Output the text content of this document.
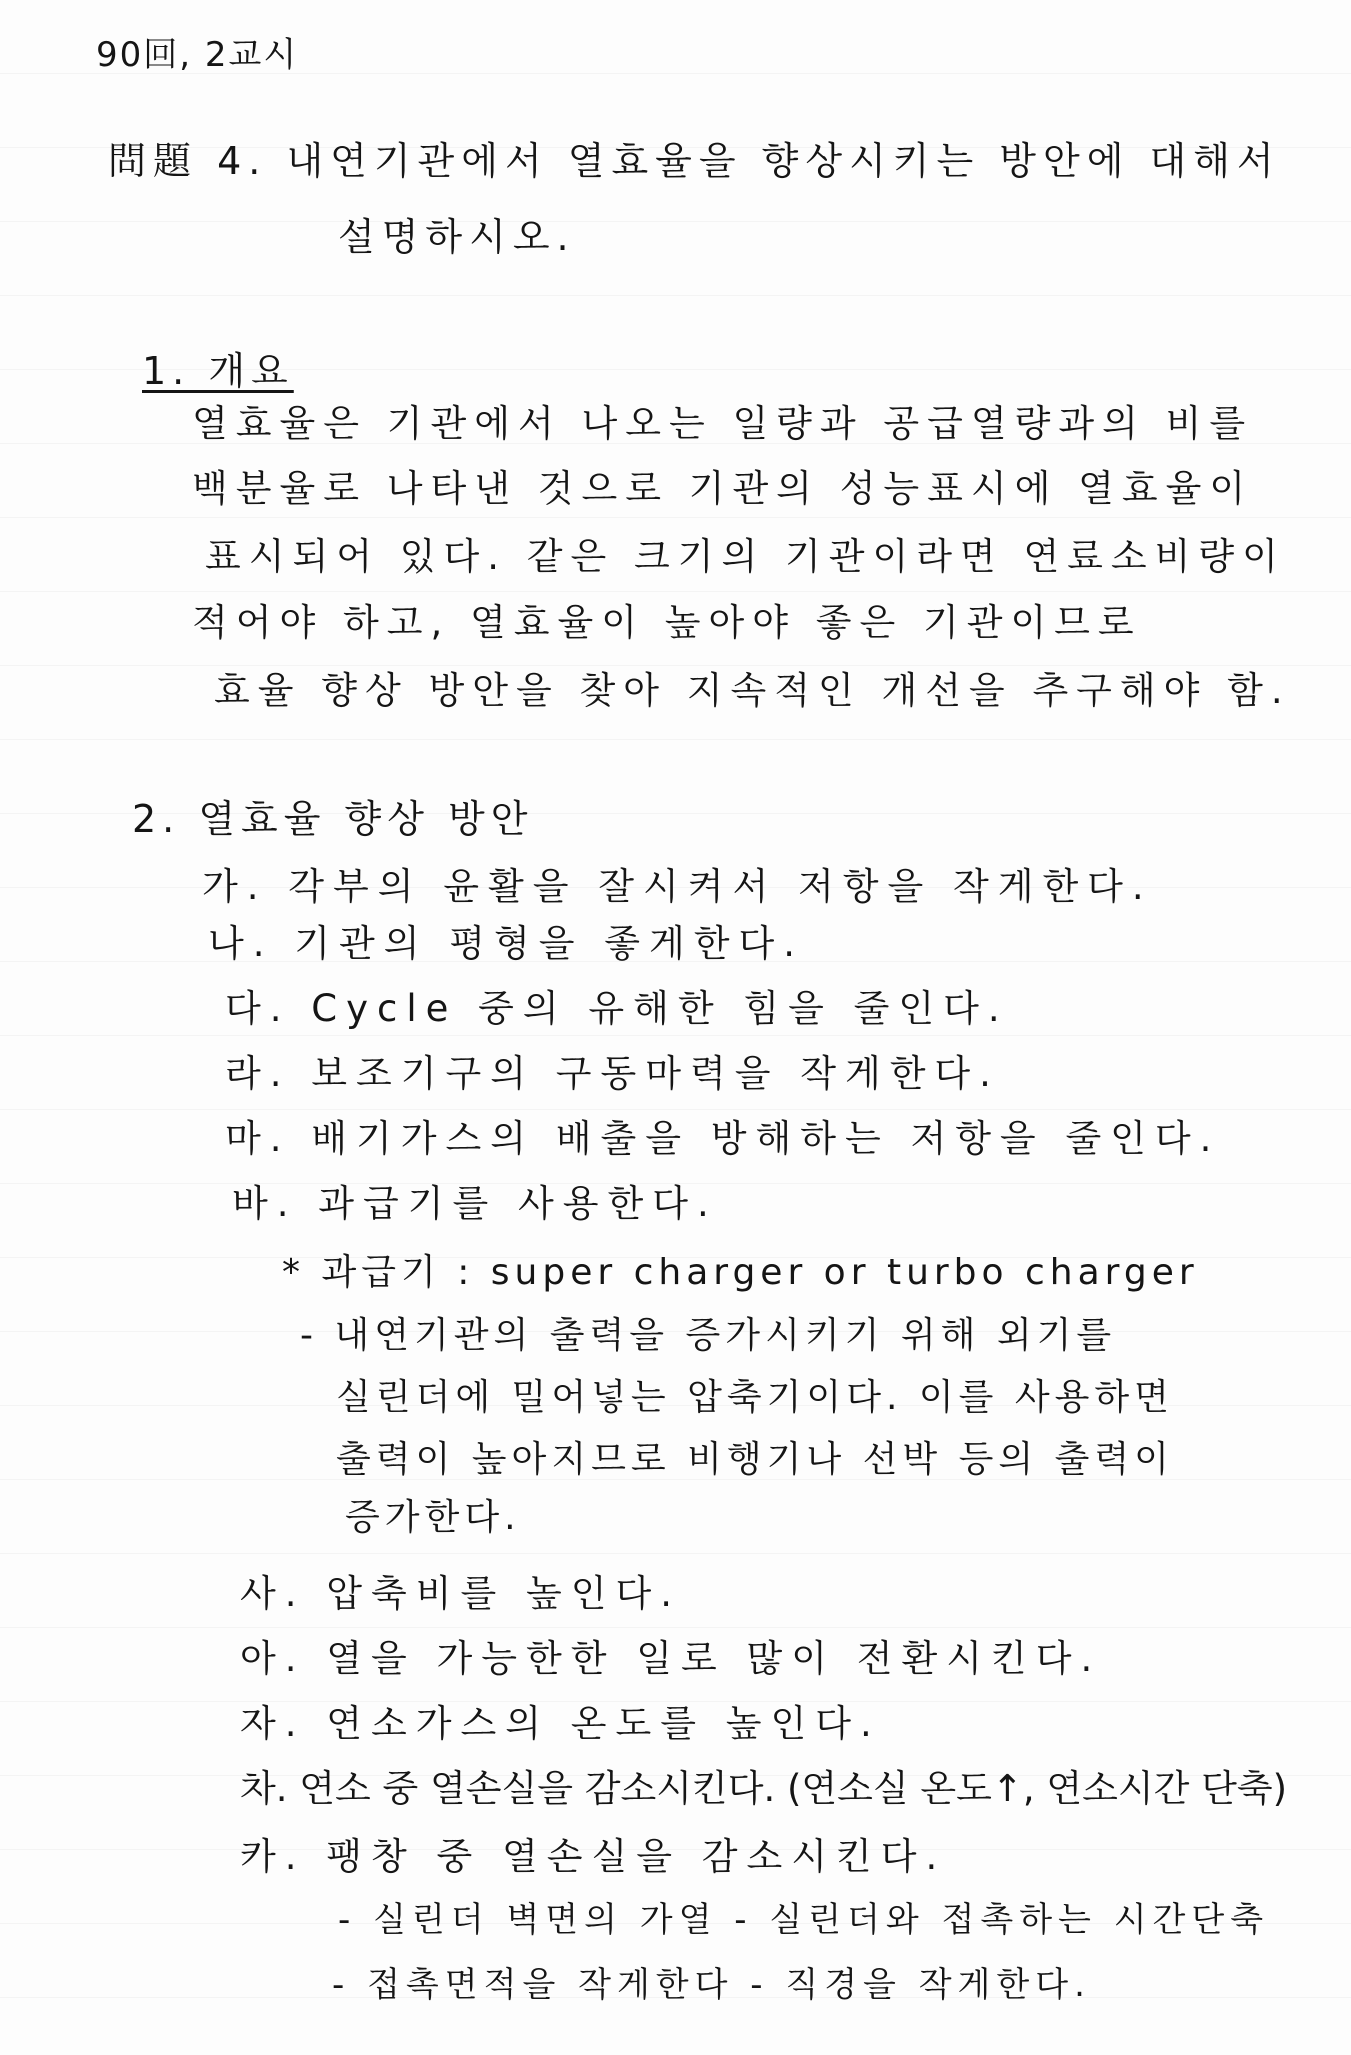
90回, 2교시
問題 4. 내연기관에서 열효율을 향상시키는 방안에 대해서
설명하시오.
1. 개요
열효율은 기관에서 나오는 일량과 공급열량과의 비를
백분율로 나타낸 것으로 기관의 성능표시에 열효율이
표시되어 있다. 같은 크기의 기관이라면 연료소비량이
적어야 하고, 열효율이 높아야 좋은 기관이므로
효율 향상 방안을 찾아 지속적인 개선을 추구해야 함.
2. 열효율 향상 방안
가. 각부의 윤활을 잘시켜서 저항을 작게한다.
나. 기관의 평형을 좋게한다.
다. Cycle 중의 유해한 힘을 줄인다.
라. 보조기구의 구동마력을 작게한다.
마. 배기가스의 배출을 방해하는 저항을 줄인다.
바. 과급기를 사용한다.
* 과급기 : super charger or turbo charger
- 내연기관의 출력을 증가시키기 위해 외기를
실린더에 밀어넣는 압축기이다. 이를 사용하면
출력이 높아지므로 비행기나 선박 등의 출력이
증가한다.
사. 압축비를 높인다.
아. 열을 가능한한 일로 많이 전환시킨다.
자. 연소가스의 온도를 높인다.
차. 연소 중 열손실을 감소시킨다. (연소실 온도↑, 연소시간 단축)
카. 팽창 중 열손실을 감소시킨다.
- 실린더 벽면의 가열 - 실린더와 접촉하는 시간단축
- 접촉면적을 작게한다 - 직경을 작게한다.
